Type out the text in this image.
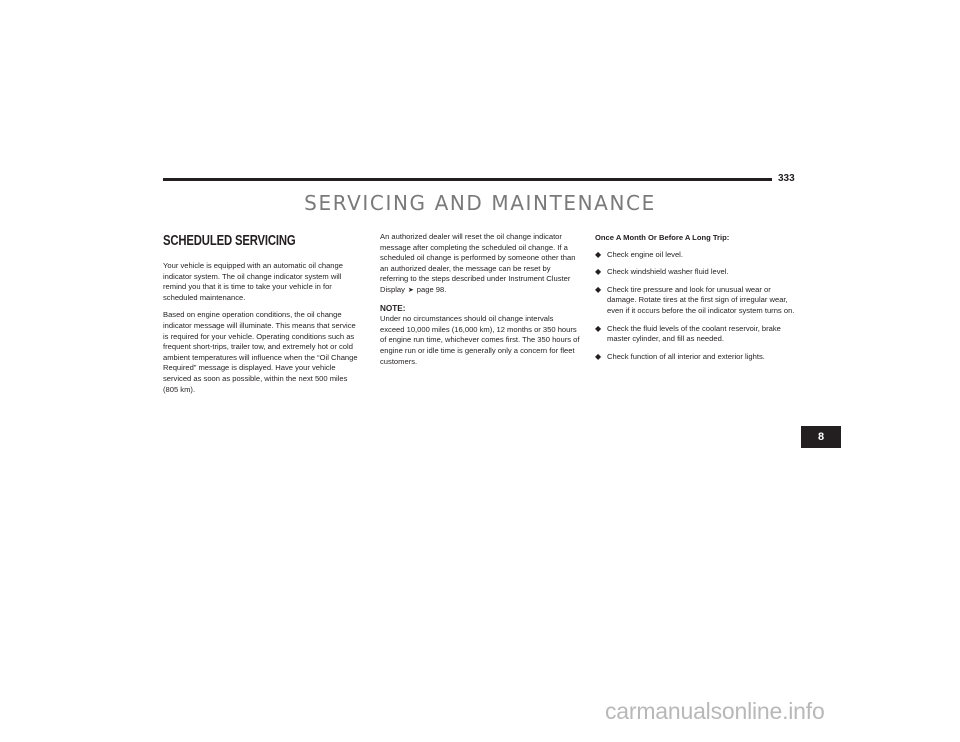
333
SERVICING AND MAINTENANCE
SCHEDULED SERVICING

Your vehicle is equipped with an automatic oil change indicator system. The oil change indicator system will remind you that it is time to take your vehicle in for scheduled maintenance.

Based on engine operation conditions, the oil change indicator message will illuminate. This means that service is required for your vehicle. Operating conditions such as frequent short-trips, trailer tow, and extremely hot or cold ambient temperatures will influence when the “Oil Change Required” message is displayed. Have your vehicle serviced as soon as possible, within the next 500 miles (805 km).

An authorized dealer will reset the oil change indicator message after completing the scheduled oil change. If a scheduled oil change is performed by someone other than an authorized dealer, the message can be reset by referring to the steps described under Instrument Cluster Display ➤ page 98.

NOTE:

Under no circumstances should oil change intervals exceed 10,000 miles (16,000 km), 12 months or 350 hours of engine run time, whichever comes first. The 350 hours of engine run or idle time is generally only a concern for fleet customers.

Once A Month Or Before A Long Trip:

◆ Check engine oil level.
◆ Check windshield washer fluid level.
◆ Check tire pressure and look for unusual wear or damage. Rotate tires at the first sign of irregular wear, even if it occurs before the oil indicator system turns on.
◆ Check the fluid levels of the coolant reservoir, brake master cylinder, and fill as needed.
◆ Check function of all interior and exterior lights.
8
carmanualsonline.info
